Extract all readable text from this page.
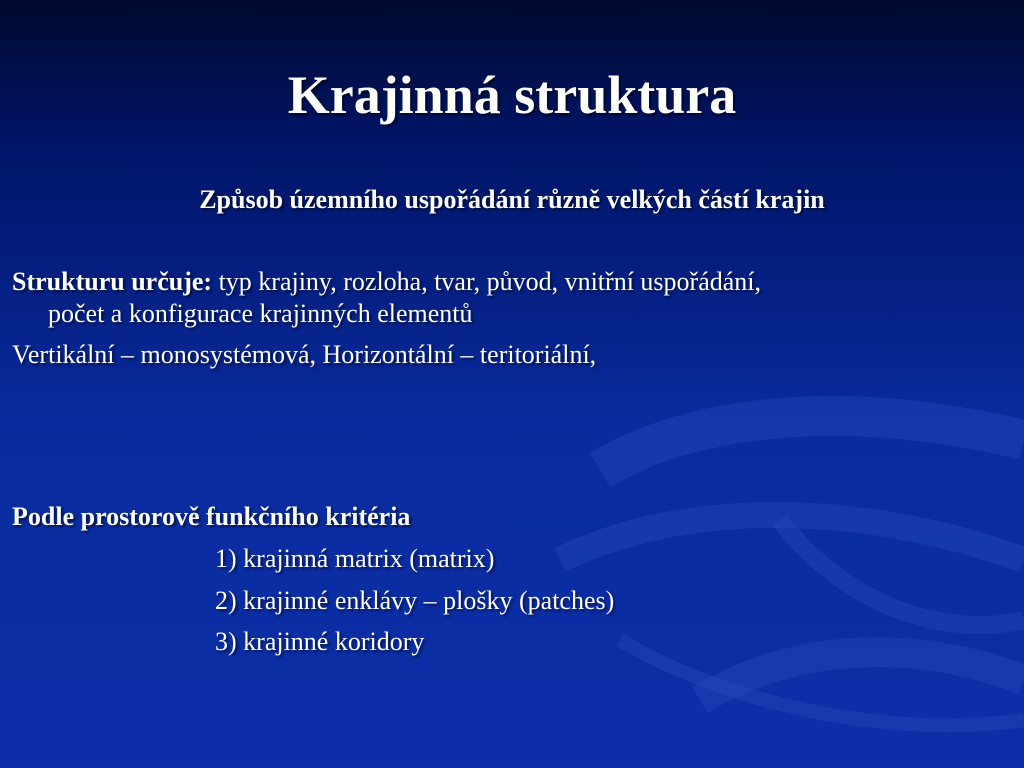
Krajinná struktura
Způsob územního uspořádání různě velkých částí krajin
Strukturu určuje: typ krajiny, rozloha, tvar, původ, vnitřní uspořádání,
počet a konfigurace krajinných elementů
Vertikální – monosystémová, Horizontální – teritoriální,
Podle prostorově funkčního kritéria
1) krajinná matrix (matrix)
2) krajinné enklávy – plošky (patches)
3) krajinné koridory
